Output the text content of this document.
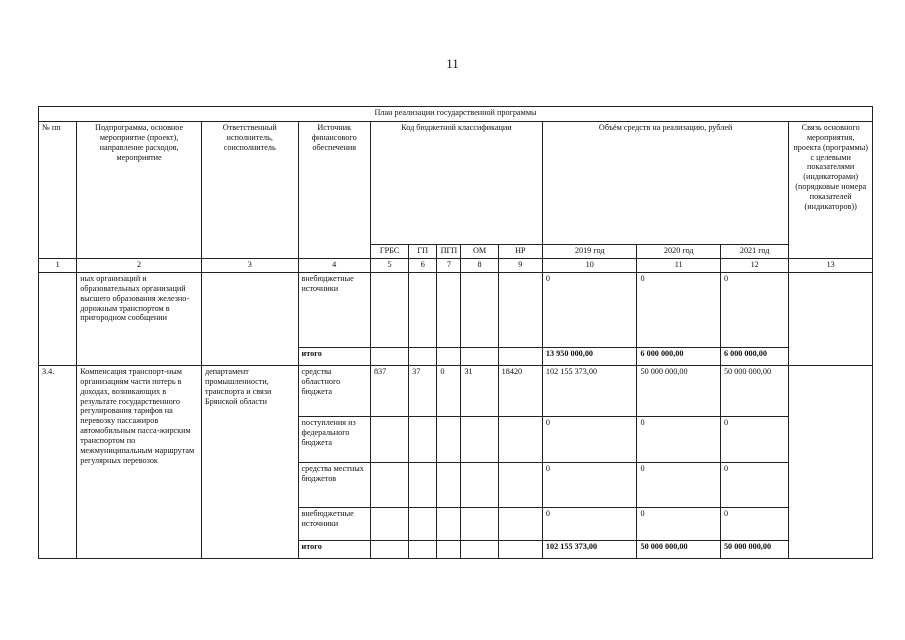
11
План реализации государственной программы												
№ пп	Подпрограмма, основное мероприятие (проект), направление расходов, мероприятие	Ответственный исполнитель, соисполнитель	Источник финансового обеспечения	Код бюджетной классификации					Объём средств на реализацию, рублей			Связь основного мероприятия, проекта (программы) с целевыми показателями (индикаторами) (порядковые номера показателей (индикаторов))
				ГРБС	ГП	ПГП	ОМ	НР	2019 год	2020 год	2021 год	
1	2	3	4	5	6	7	8	9	10	11	12	13
	ных организаций и образовательных организаций высшего образования железно-дорожным транспортом в пригородном сообщении		внебюджетные источники						0	0	0	
			итого						13 950 000,00	6 000 000,00	6 000 000,00	
3.4.	Компенсация транспорт-ным организациям части потерь в доходах, возникающих в результате государственного регулирования тарифов на перевозку пассажиров автомобильным пасса-жирским транспортом по межмуниципальным маршрутам регулярных перевозок	департамент промышленности, транспорта и связи Брянской области	средства областного бюджета	837	37	0	31	18420	102 155 373,00	50 000 000,00	50 000 000,00	
			поступления из федерального бюджета						0	0	0	
			средства местных бюджетов						0	0	0	
			внебюджетные источники						0	0	0	
			итого						102 155 373,00	50 000 000,00	50 000 000,00	
